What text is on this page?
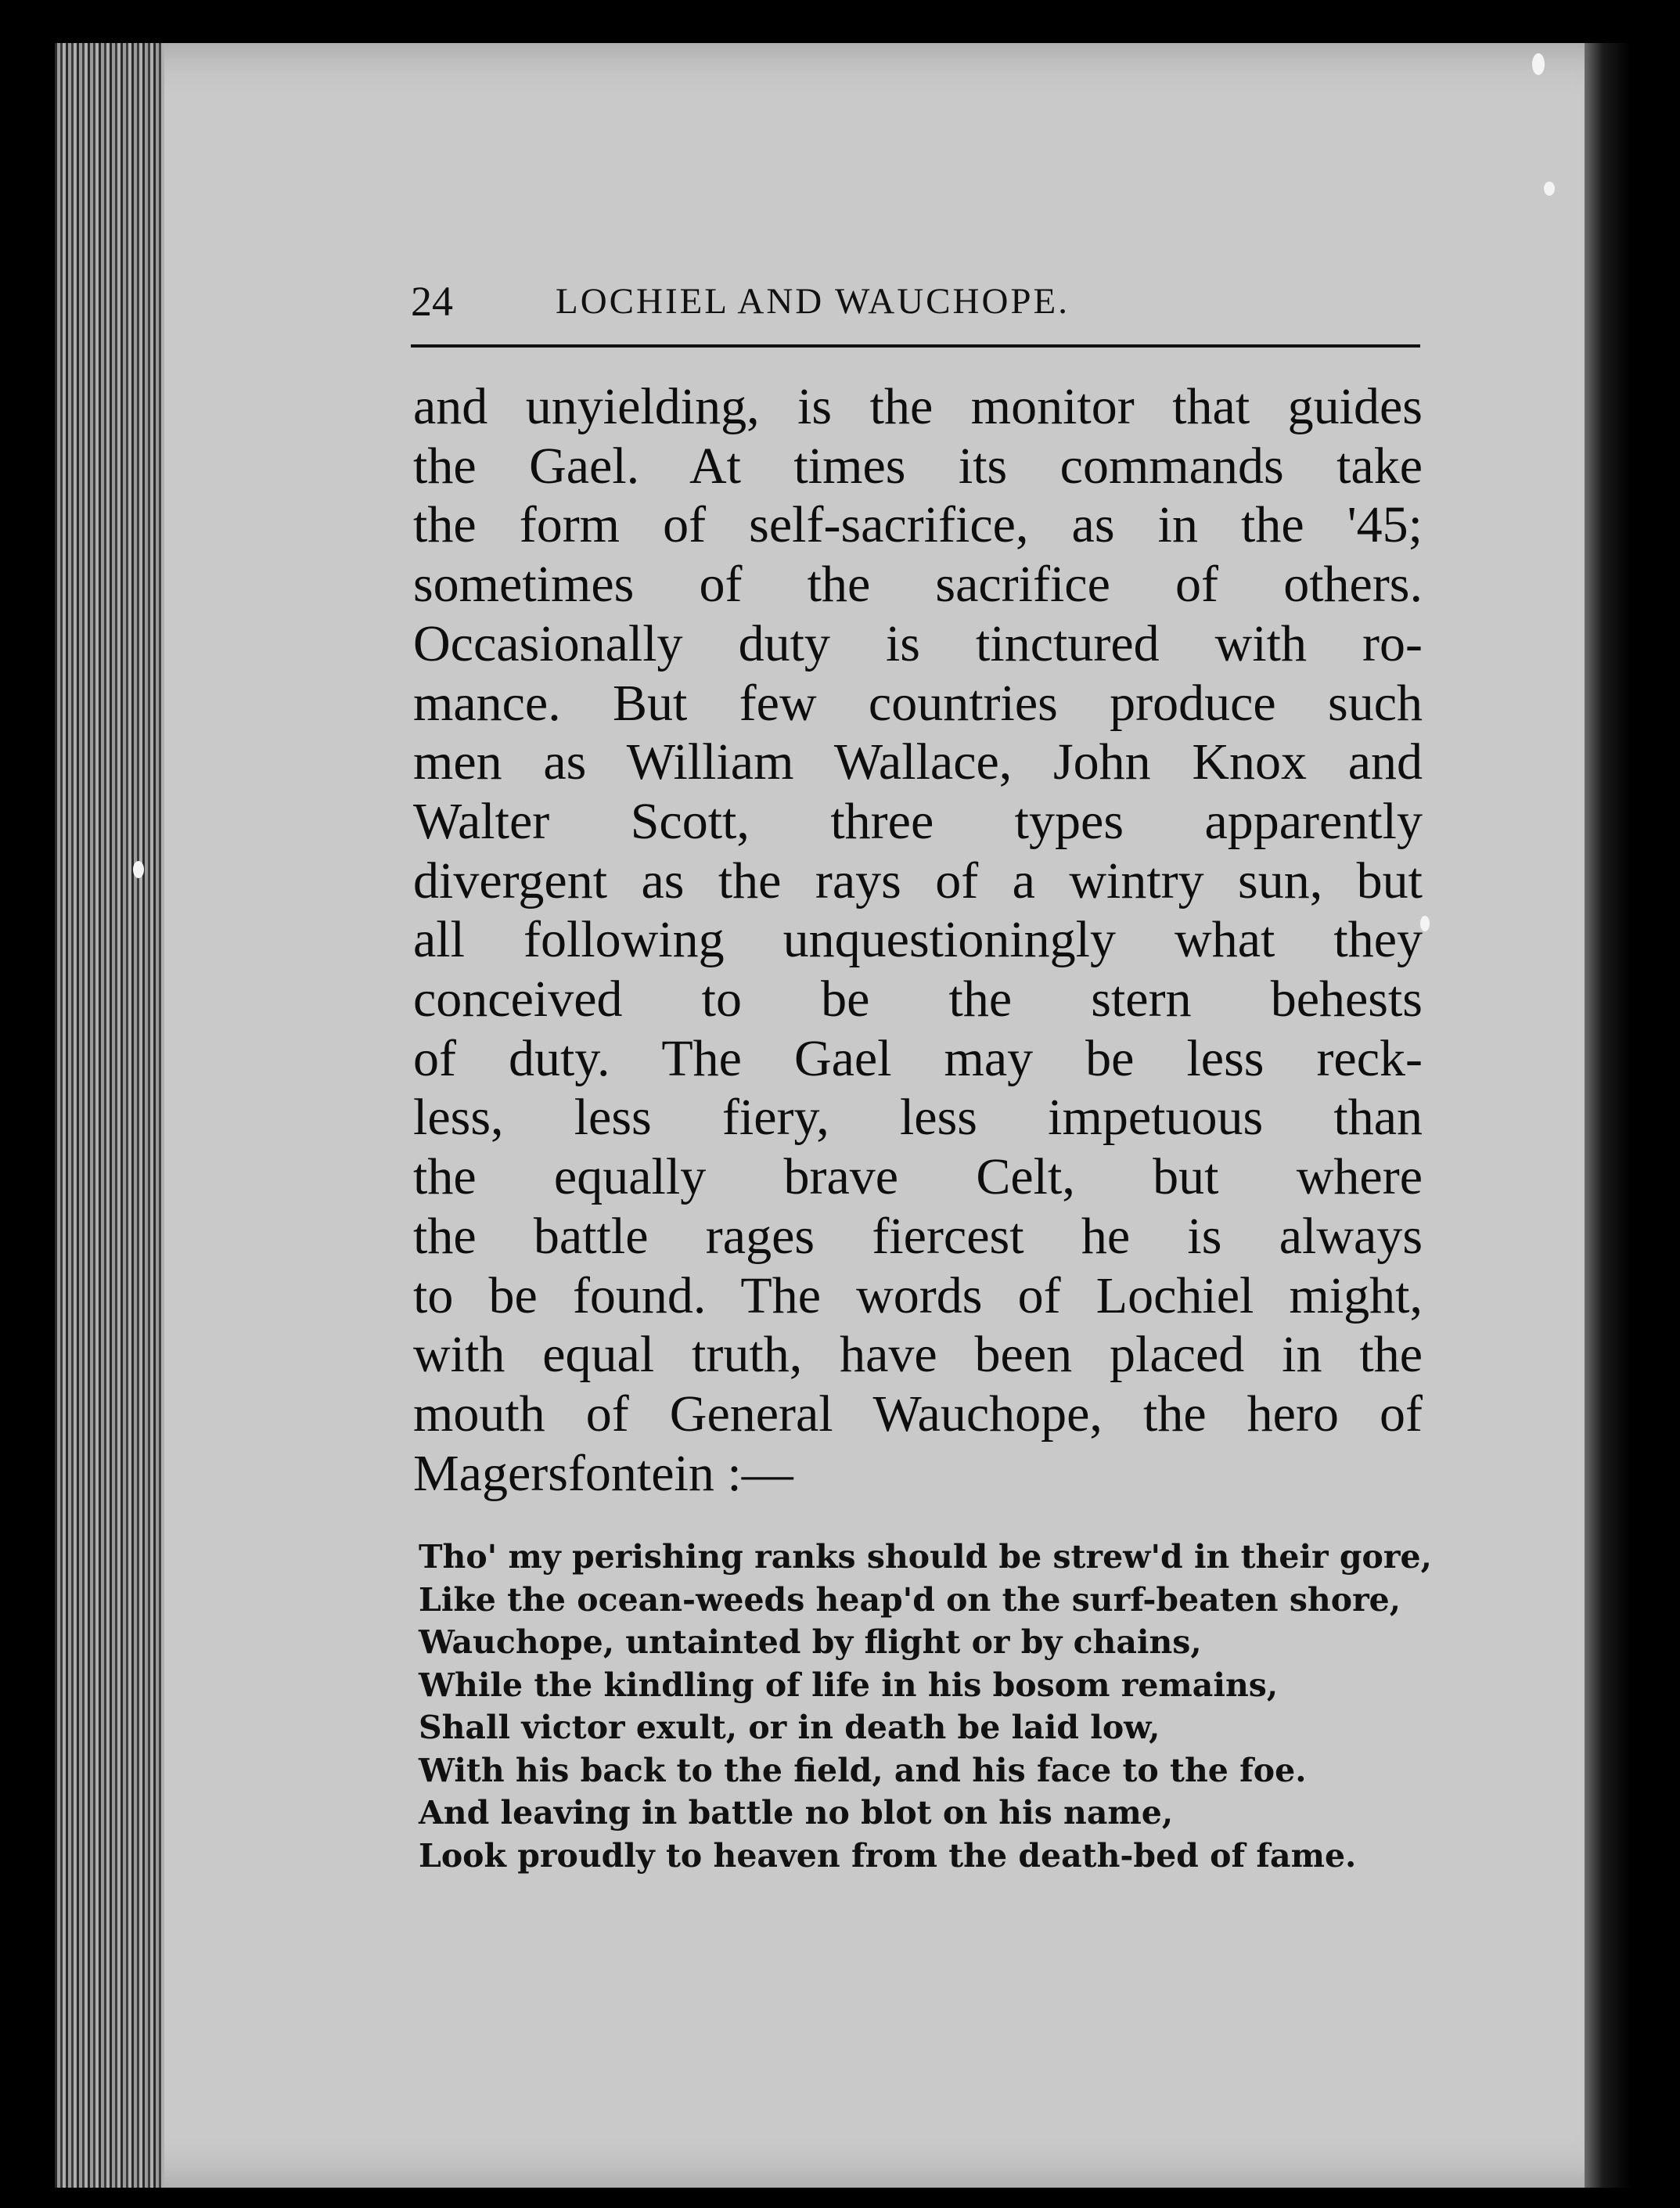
24	LOCHIEL AND WAUCHOPE.
and unyielding, is the monitor that guides
the Gael. At times its commands take
the form of self-sacrifice, as in the '45;
sometimes of the sacrifice of others.
Occasionally duty is tinctured with ro-
mance. But few countries produce such
men as William Wallace, John Knox and
Walter Scott, three types apparently
divergent as the rays of a wintry sun, but
all following unquestioningly what they
conceived to be the stern behests
of duty. The Gael may be less reck-
less, less fiery, less impetuous than
the equally brave Celt, but where
the battle rages fiercest he is always
to be found. The words of Lochiel might,
with equal truth, have been placed in the
mouth of General Wauchope, the hero of
Magersfontein :—
Tho' my perishing ranks should be strew'd in their gore,
Like the ocean-weeds heap'd on the surf-beaten shore,
Wauchope, untainted by flight or by chains,
While the kindling of life in his bosom remains,
Shall victor exult, or in death be laid low,
With his back to the field, and his face to the foe.
And leaving in battle no blot on his name,
Look proudly to heaven from the death-bed of fame.
